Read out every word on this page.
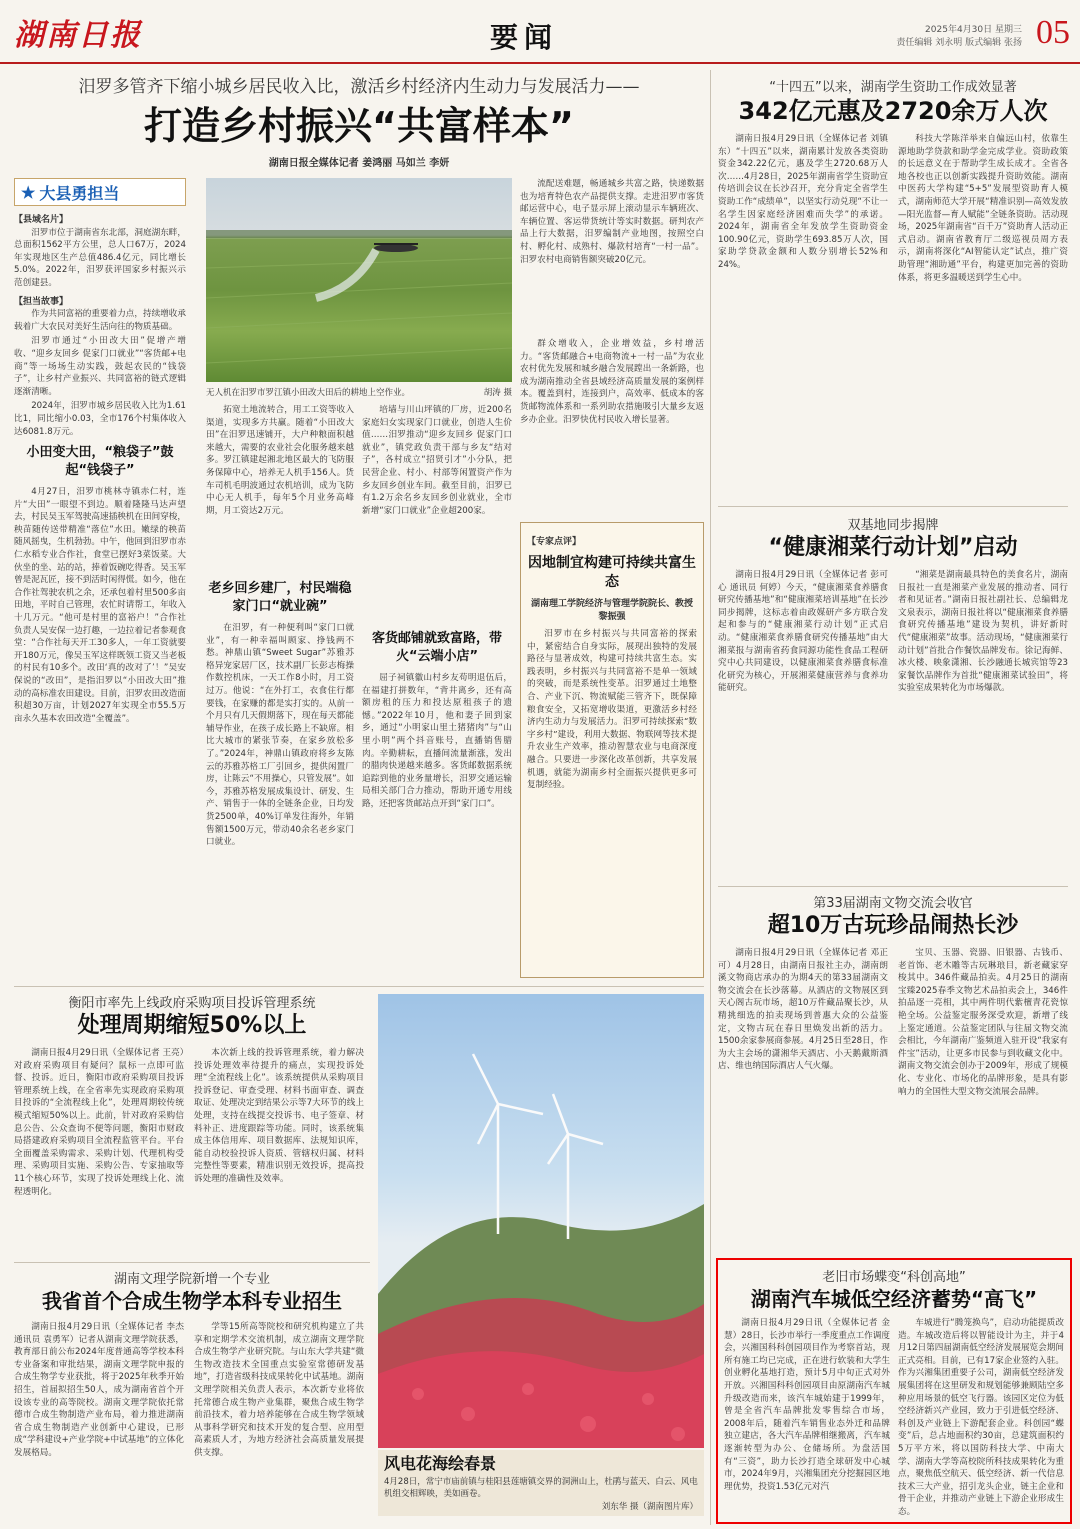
湖南日报	要闻	2025年4月30日 星期三
责任编辑 刘永明 版式编辑 张扬 05
汨罗多管齐下缩小城乡居民收入比，激活乡村经济内生动力与发展活力——
打造乡村振兴“共富样本”
湖南日报全媒体记者 姜鸿丽 马如兰 李妍
★ 大县勇担当
【县域名片】

汨罗市位于湖南省东北部，洞庭湖东畔，总面积1562平方公里，总人口67万，2024年实现地区生产总值486.4亿元，同比增长5.0%。2022年，汨罗获评国家乡村振兴示范创建县。

【担当故事】

作为共同富裕的重要着力点，持续增收承载着广大农民对美好生活向往的物质基础。

汨罗市通过“小田改大田”促增产增收、“迎乡友回乡 促家门口就业”“客货邮+电商”等一场场生动实践，鼓起农民的“钱袋子”，让乡村产业振兴、共同富裕的链式逻辑逐渐清晰。

2024年，汨罗市城乡居民收入比为1.61比1，同比缩小0.03，全市176个村集体收入达6081.8万元。

小田变大田，“粮袋子”鼓起“钱袋子”

4月27日，汨罗市桃林寺镇赤仁村，连片“大田”一眼望不到边。顺着隆隆马达声望去，村民吴玉军驾驶高速插秧机在田间穿梭，秧苗随传送带精准“落位”水田。嫩绿的秧苗随风摇曳，生机勃勃。中午，他回到汨罗市赤仁水稻专业合作社，食堂已摆好3菜饭菜。大伙坐的坐、站的站，捧着饭碗吃得香。吴玉军曾是泥瓦匠，接不到活时闲得慌。如今，他在合作社驾驶农机之余，还承包着村里500多亩田地，平时自己管理，农忙时请帮工，年收入十几万元。“他可是村里的富裕户！”合作社负责人吴安保一边打趣，一边拉着记者参观食堂：“合作社每天开工30多人，一年工资就要开180万元，像吴玉军这样既领工资又当老板的村民有10多个。改田‘真的改对了’！”吴安保说的“改田”，是指汨罗以“小田改大田”推动的高标准农田建设。目前，汨罗农田改造面积超30万亩，计划2027年实现全市55.5万亩永久基本农田改造“全覆盖”。

无人机在汨罗市罗江镇小田改大田后的耕地上空作业。	胡涛 摄

拓宽土地流转合，用工工资等收入渠道，实现多方共赢。随着“小田改大田”在汨罗迅速铺开，大户种粮面积越来越大，需要的农业社会化服务越来越多。罗江镇建起湘北地区最大的飞防服务保障中心，培养无人机手156人。货车司机毛明波通过农机培训，成为飞防中心无人机手，每年5个月业务高峰期，月工资达2万元。

老乡回乡建厂，村民端稳家门口“就业碗”

在汨罗，有一种便利叫“家门口就业”，有一种幸福叫顾家、挣钱两不愁。神鼎山镇“Sweet Sugar”苏雅苏格异宠家居厂区，技术副厂长彭志梅操作数控机床，一天工作8小时，月工资过万。他说：“在外打工，衣食住行都要钱，在家赚的都是实打实的。从前一个月只有几天假期落下，现在每天都能辅导作业，在孩子成长路上不缺席。相比大城市的紧张节奏，在家乡放松多了。”2024年，神鼎山镇政府将乡友陈云的苏雅苏格工厂引回乡，提供闲置厂房，让陈云“不用操心，只管发展”。如今，苏雅苏格发展成集设计、研发、生产、销售于一体的全链条企业，日均发货2500单，40%订单发往海外，年销售额1500万元，带动40余名老乡家门口就业。

培墙与川山坪镇的厂房，近200名家庭妇女实现家门口就业，创造人生价值……汨罗推动“迎乡友回乡 促家门口就业”，镇党政负责干部与乡友“结对子”，各村成立“招贤引才”小分队，把民营企业、村小、村部等闲置资产作为乡友回乡创业车间。截至目前，汨罗已有1.2万余名乡友回乡创业就业，全市新增“家门口就业”企业超200家。

客货邮铺就致富路，带火“云端小店”

屈子祠镇徽山村乡友苟明退伍后，在福建打拼数年，“背井离乡，还有高额房租的压力和投达原租孩子的遗憾。”2022年10月，他和妻子回到家乡，通过“小明家山里土猪猪肉”与“山里小明”两个抖音账号，直播销售腊肉。辛勤耕耘，直播间流量渐涨，发出的腊肉快递越来越多。客货邮数据系统追踪到他的业务量增长，汨罗交通运输局相关部门合力推动，帮助开通专用线路，还把客货邮站点开到“家门口”。

流配送难题，畅通城乡共富之路，快递数据也为培育特色农产品提供支撑。走进汨罗市客货邮运营中心，电子显示屏上滚动显示车辆班次、车辆位置、客运带货统计等实时数据。研判农产品上行大数据，汨罗编制产业地图，按照空白村、孵化村、成熟村、爆款村培育“一村一品”。汨罗农村电商销售额突破20亿元。

群众增收入，企业增效益，乡村增活力。“客货邮融合+电商物流+一村一品”为农业农村优先发展和城乡融合发展蹚出一条新路，也成为湖南推动全省县域经济高质量发展的案例样本。覆盖到村，连接到户，高效率、低成本的客货邮物流体系和一系列助农措施吸引大量乡友返乡办企业。汨罗快优村民收入增长显著。

【专家点评】
因地制宜构建可持续共富生态
湖南理工学院经济与管理学院院长、教授 黎振强

汨罗市在乡村振兴与共同富裕的探索中，紧密结合自身实际，展现出独特的发展路径与显著成效，构建可持续共富生态。实践表明，乡村振兴与共同富裕不是单一领域的突破，而是系统性变革。汨罗通过土地整合、产业下沉、物流赋能三管齐下，既保障粮食安全，又拓宽增收渠道，更激活乡村经济内生动力与发展活力。汨罗可持续探索“数字乡村”建设，利用大数据、物联网等技术提升农业生产效率，推动智慧农业与电商深度融合。只要进一步深化改革创新，共享发展机遇，就能为湖南乡村全面振兴提供更多可复制经验。

“十四五”以来，湖南学生资助工作成效显著
342亿元惠及2720余万人次

湖南日报4月29日讯（全媒体记者 刘镇东）“十四五”以来，湖南累计发放各类资助资金342.22亿元，惠及学生2720.68万人次……4月28日，2025年湖南省学生资助宣传培训会议在长沙召开，充分肯定全省学生资助工作“成绩单”，以坚实行动兑现“不让一名学生因家庭经济困难而失学”的承诺。2024年，湖南省全年发放学生资助资金100.90亿元，资助学生693.85万人次，国家助学贷款金额和人数分别增长52%和24%。

科技大学陈洋举来自偏远山村，依靠生源地助学贷款和助学金完成学业。资助政策的长远意义在于帮助学生成长成才。全省各地各校也正以创新实践提升资助效能。湖南中医药大学构建“5+5”发展型资助育人模式，湖南师范大学开展“精准识别—高效发放—阳光监督—育人赋能”全链条资助。活动现场，2025年湖南省“百千万”资助育人活动正式启动。湖南省教育厅二级巡视员周方表示，湖南将深化“AI智能认定”试点，推广资助管理“湘助通”平台，构建更加完善的资助体系，将更多温暖送到学生心中。

双基地同步揭牌
“健康湘菜行动计划”启动

湖南日报4月29日讯（全媒体记者 彭可心 通讯员 何婷）今天，“健康湘菜食养膳食研究传播基地”和“健康湘菜培训基地”在长沙同步揭牌，这标志着由政媒研产多方联合发起和参与的“健康湘菜行动计划”正式启动。“健康湘菜食养膳食研究传播基地”由大湘菜报与湖南省药食同源功能性食品工程研究中心共同建设，以健康湘菜食养膳食标准化研究为核心，开展湘菜健康营养与食养功能研究。

“湘菜是湖南最具特色的美食名片，湖南日报社一直是湘菜产业发展的推动者、同行者和见证者。”湖南日报社副社长、总编辑龙文泉表示，湖南日报社将以“健康湘菜食养膳食研究传播基地”建设为契机，讲好新时代“健康湘菜”故事。活动现场，“健康湘菜行动计划”首批合作餐饮品牌发布。徐记海鲜、冰火楼、映象潇湘、长沙融通长城宾馆等23家餐饮品牌作为首批“健康湘菜试验田”，将实验室成果转化为市场爆款。

第33届湖南文物交流会收官
超10万古玩珍品闹热长沙

湖南日报4月29日讯（全媒体记者 邓正可）4月28日，由湖南日报社主办，湖南朗溪文物商店承办的为期4天的第33届湖南文物交流会在长沙落幕。从酒店的文物展区到天心阁古玩市场，超10万件藏品聚长沙，从精挑细选的拍卖现场到普惠大众的公益鉴定，文物古玩在春日里焕发出新的活力。1500余家参展商参展。4月25日至28日，作为大主会场的潇湘华天酒店、小天鹅戴斯酒店、维也纳国际酒店人气火爆。

宝贝、玉器、瓷器、旧银器、古钱币、老首饰、老木雕等古玩琳琅目，新老藏家穿梭其中。346件藏品拍卖。4月25日的湖南宝臻2025春季文物艺术品拍卖会上，346件拍品逐一亮相，其中两件明代紫檀青花瓷惊艳全场。公益鉴定服务深受欢迎，新增了线上鉴定通道。公益鉴定团队与往届文物交流会相比，今年湖南广鉴频道入驻开设“我家有件宝”活动，让更多市民参与到收藏文化中。湖南文物交流会创办于2009年，形成了规模化、专业化、市场化的品牌形象，是具有影响力的全国性大型文物交流展会品牌。

老旧市场蝶变“科创高地”
湖南汽车城低空经济蓄势“高飞”

湖南日报4月29日讯（全媒体记者 金慧）28日，长沙市举行一季度重点工作调度会，兴湘国科科创园项目作为考察首站，现所有施工均已完成，正在进行软装和大学生创业孵化基地打造，预计5月中旬正式对外开放。兴湘国科科创园项目由原湖南汽车城升级改造而来，该汽车城始建于1999年，曾是全省汽车品牌批发零售综合市场，2008年后，随着汽车销售业态外迁和品牌独立建店，各大汽车品牌相继搬离，汽车城逐渐转型为办公、仓储场所。为盘活国有“三资”，助力长沙打造全球研发中心城市，2024年9月，兴湘集团充分挖掘园区地理优势，投资1.53亿元对汽

车城进行“腾笼换鸟”，启动功能提质改造。车城改造后将以智能设计为主，并于4月12日第四届湖南低空经济发展展览会期间正式亮相。目前，已有17家企业签约入驻。作为兴湘集团重要子公司，湖南低空经济发展集团将在这里研发和规划能够兼顾陆空多种应用场景的低空飞行器。该园区定位为低空经济新兴产业园，致力于引进低空经济、科创及产业链上下游配套企业。科创园“蝶变”后，总占地面积约30亩，总建筑面积约5万平方米，将以国防科技大学、中南大学、湖南大学等高校院所科技成果转化为重点，聚焦低空航天、低空经济、新一代信息技术三大产业，招引龙头企业，链主企业和骨干企业，并推动产业链上下游企业形成生态。

衡阳市率先上线政府采购项目投诉管理系统
处理周期缩短50%以上

湖南日报4月29日讯（全媒体记者 王亮）对政府采购项目有疑问？鼠标一点即可监督、投诉。近日，衡阳市政府采购项目投诉管理系统上线，在全省率先实现政府采购项目投诉的“全流程线上化”，处理周期较传统模式缩短50%以上。此前，针对政府采购信息公告、公众查询不便等问题，衡阳市财政局搭建政府采购项目全流程监管平台。平台全面覆盖采购需求、采购计划、代理机构受理、采购项目实施、采购公告、专家抽取等11个核心环节，实现了投诉处理线上化、流程透明化。

本次新上线的投诉管理系统，着力解决投诉处理效率待提升的痛点，实现投诉处理“全流程线上化”。该系统提供从采购项目投诉登记、审查受理、材料书面审查、调查取证、处理决定到结果公示等7大环节的线上处理，支持在线提交投诉书、电子签章、材料补正、进度跟踪等功能。同时，该系统集成主体信用库、项目数据库、法规知识库，能自动校验投诉人资质、管辖权归属、材料完整性等要素，精准识别无效投诉，提高投诉处理的准确性及效率。

湖南文理学院新增一个专业
我省首个合成生物学本科专业招生

湖南日报4月29日讯（全媒体记者 李杰 通讯员 袁勇军）记者从湖南文理学院获悉，教育部日前公布2024年度普通高等学校本科专业备案和审批结果，湖南文理学院申报的合成生物学专业获批，将于2025年秋季开始招生，首届拟招生50人，成为湖南省首个开设该专业的高等院校。湖南文理学院依托常德市合成生物制造产业布局，着力推进湖南省合成生物制造产业创新中心建设，已形成“学科建设+产业学院+中试基地”的立体化发展格局。

学等15所高等院校和研究机构建立了共享和定期学术交流机制，成立湖南文理学院合成生物学产业研究院。与山东大学共建“微生物改造技术全国重点实验室常德研发基地”，打造省级科技成果转化中试基地。湖南文理学院相关负责人表示，本次新专业将依托常德合成生物产业集群，聚焦合成生物学前沿技术，着力培养能够在合成生物学领域从事科学研究和技术开发的复合型、应用型高素质人才，为地方经济社会高质量发展提供支撑。

风电花海绘春景
4月28日，常宁市庙前镇与桂阳县莲塘镇交界的洞洲山上，杜鹃与蓝天、白云、风电机组交相辉映，美如画卷。
刘东华 摄（湖南图片库）
